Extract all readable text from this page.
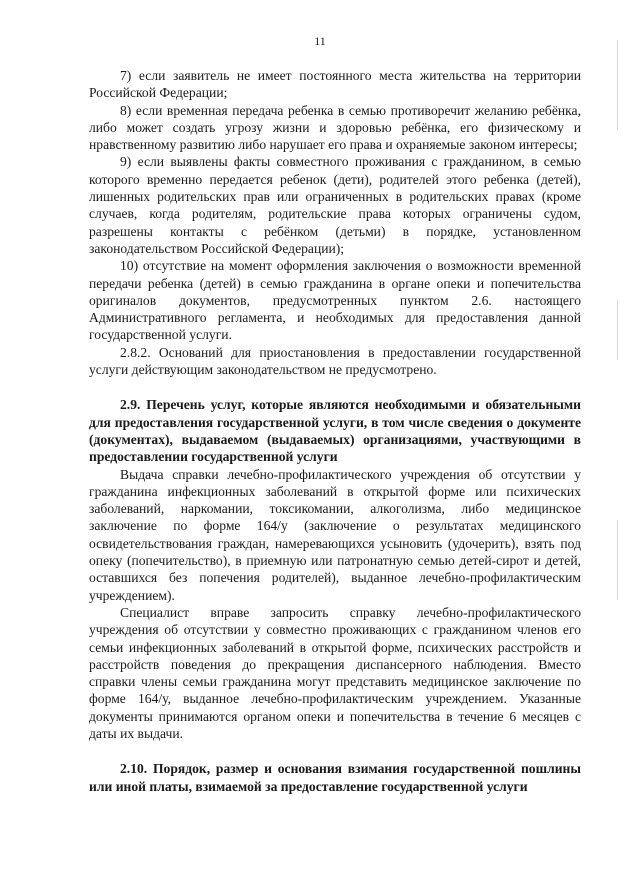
11

7) если заявитель не имеет постоянного места жительства на территории Российской Федерации;

8) если временная передача ребенка в семью противоречит желанию ребёнка, либо может создать угрозу жизни и здоровью ребёнка, его физическому и нравственному развитию либо нарушает его права и охраняемые законом интересы;

9) если выявлены факты совместного проживания с гражданином, в семью которого временно передается ребенок (дети), родителей этого ребенка (детей), лишенных родительских прав или ограниченных в родительских правах (кроме случаев, когда родителям, родительские права которых ограничены судом, разрешены контакты с ребёнком (детьми) в порядке, установленном законодательством Российской Федерации);

10) отсутствие на момент оформления заключения о возможности временной передачи ребенка (детей) в семью гражданина в органе опеки и попечительства оригиналов документов, предусмотренных пунктом 2.6. настоящего Административного регламента, и необходимых для предоставления данной государственной услуги.

2.8.2. Оснований для приостановления в предоставлении государственной услуги действующим законодательством не предусмотрено.

2.9. Перечень услуг, которые являются необходимыми и обязательными для предоставления государственной услуги, в том числе сведения о документе (документах), выдаваемом (выдаваемых) организациями, участвующими в предоставлении государственной услуги

Выдача справки лечебно-профилактического учреждения об отсутствии у гражданина инфекционных заболеваний в открытой форме или психических заболеваний, наркомании, токсикомании, алкоголизма, либо медицинское заключение по форме 164/у (заключение о результатах медицинского освидетельствования граждан, намеревающихся усыновить (удочерить), взять под опеку (попечительство), в приемную или патронатную семью детей-сирот и детей, оставшихся без попечения родителей), выданное лечебно-профилактическим учреждением).

Специалист вправе запросить справку лечебно-профилактического учреждения об отсутствии у совместно проживающих с гражданином членов его семьи инфекционных заболеваний в открытой форме, психических расстройств и расстройств поведения до прекращения диспансерного наблюдения. Вместо справки члены семьи гражданина могут представить медицинское заключение по форме 164/у, выданное лечебно-профилактическим учреждением. Указанные документы принимаются органом опеки и попечительства в течение 6 месяцев с даты их выдачи.

2.10. Порядок, размер и основания взимания государственной пошлины или иной платы, взимаемой за предоставление государственной услуги
